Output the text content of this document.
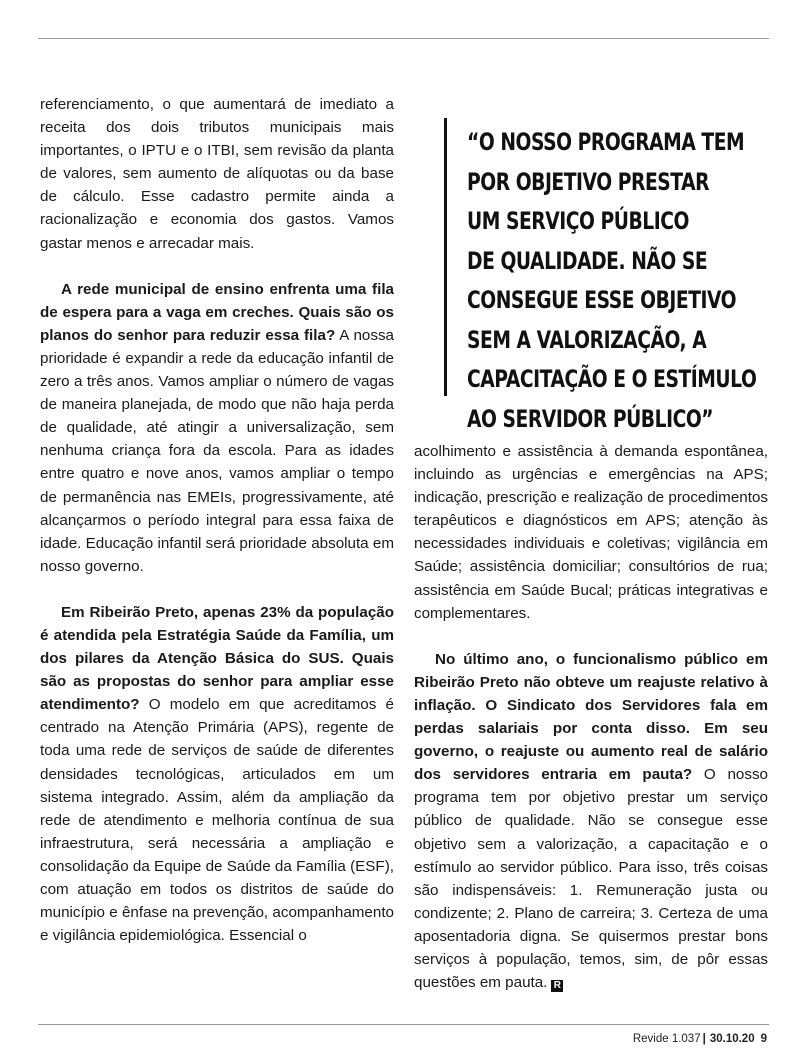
referenciamento, o que aumentará de imediato a receita dos dois tributos municipais mais importantes, o IPTU e o ITBI, sem revisão da planta de valores, sem aumento de alíquotas ou da base de cálculo. Esse cadastro permite ainda a racionalização e economia dos gastos. Vamos gastar menos e arrecadar mais.

A rede municipal de ensino enfrenta uma fila de espera para a vaga em creches. Quais são os planos do senhor para reduzir essa fila? A nossa prioridade é expandir a rede da educação infantil de zero a três anos. Vamos ampliar o número de vagas de maneira planejada, de modo que não haja perda de qualidade, até atingir a universalização, sem nenhuma criança fora da escola. Para as idades entre quatro e nove anos, vamos ampliar o tempo de permanência nas EMEIs, progressivamente, até alcançarmos o período integral para essa faixa de idade. Educação infantil será prioridade absoluta em nosso governo.

Em Ribeirão Preto, apenas 23% da população é atendida pela Estratégia Saúde da Família, um dos pilares da Atenção Básica do SUS. Quais são as propostas do senhor para ampliar esse atendimento? O modelo em que acreditamos é centrado na Atenção Primária (APS), regente de toda uma rede de serviços de saúde de diferentes densidades tecnológicas, articulados em um sistema integrado. Assim, além da ampliação da rede de atendimento e melhoria contínua de sua infraestrutura, será necessária a ampliação e consolidação da Equipe de Saúde da Família (ESF), com atuação em todos os distritos de saúde do município e ênfase na prevenção, acompanhamento e vigilância epidemiológica. Essencial o

“O NOSSO PROGRAMA TEM
POR OBJETIVO PRESTAR
UM SERVIÇO PÚBLICO
DE QUALIDADE. NÃO SE
CONSEGUE ESSE OBJETIVO
SEM A VALORIZAÇÃO, A
CAPACITAÇÃO E O ESTÍMULO
AO SERVIDOR PÚBLICO”

acolhimento e assistência à demanda espontânea, incluindo as urgências e emergências na APS; indicação, prescrição e realização de procedimentos terapêuticos e diagnósticos em APS; atenção às necessidades individuais e coletivas; vigilância em Saúde; assistência domiciliar; consultórios de rua; assistência em Saúde Bucal; práticas integrativas e complementares.

No último ano, o funcionalismo público em Ribeirão Preto não obteve um reajuste relativo à inflação. O Sindicato dos Servidores fala em perdas salariais por conta disso. Em seu governo, o reajuste ou aumento real de salário dos servidores entraria em pauta? O nosso programa tem por objetivo prestar um serviço público de qualidade. Não se consegue esse objetivo sem a valorização, a capacitação e o estímulo ao servidor público. Para isso, três coisas são indispensáveis: 1. Remuneração justa ou condizente; 2. Plano de carreira; 3. Certeza de uma aposentadoria digna. Se quisermos prestar bons serviços à população, temos, sim, de pôr essas questões em pauta. R

Revide 1.037 | 30.10.20 9
